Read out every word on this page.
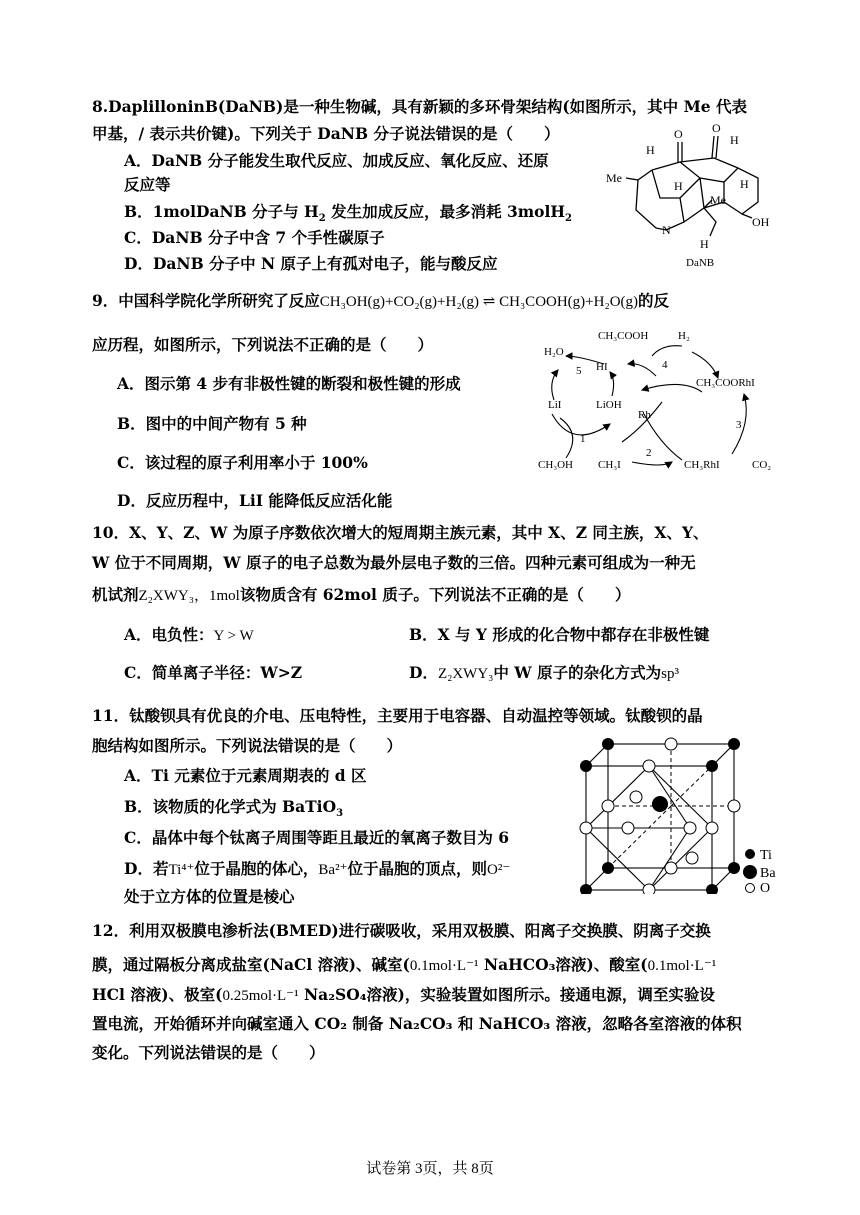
8.DaplilloninB(DaNB)是一种生物碱，具有新颖的多环骨架结构(如图所示，其中 Me 代表
甲基，/ 表示共价键)。下列关于 DaNB 分子说法错误的是（　　）
A．DaNB 分子能发生取代反应、加成反应、氧化反应、还原
反应等
B．1molDaNB 分子与 $H_2$ 发生加成反应，最多消耗 3molH$_2$
C．DaNB 分子中含 7 个手性碳原子
D．DaNB 分子中 N 原子上有孤对电子，能与酸反应
O O
H
H
H
H
H
Me
Me
N
OH
DaNB
9．中国科学院化学所研究了反应CH₃OH(g)+CO₂(g)+H₂(g) ⇌ CH₃COOH(g)+H₂O(g)的反
应历程，如图所示，下列说法不正确的是（　　）
A．图示第 4 步有非极性键的断裂和极性键的形成
B．图中的中间产物有 5 种
C．该过程的原子利用率小于 100%
D．反应历程中，LiI 能降低反应活化能
CH₃COOH	H₂
H₂O
HI
LiI	LiOH
Rh
CH₃COORhI
CH₃OH CH₃I	CH₃RhI	CO₂
1
2
3
4
5
10．X、Y、Z、W 为原子序数依次增大的短周期主族元素，其中 X、Z 同主族，X、Y、
W 位于不同周期，W 原子的电子总数为最外层电子数的三倍。四种元素可组成为一种无
机试剂Z₂XWY₃，1mol该物质含有 62mol 质子。下列说法不正确的是（　　）
A．电负性：Y > W	B．X 与 Y 形成的化合物中都存在非极性键
C．简单离子半径：W>Z	D．Z₂XWY₃中 W 原子的杂化方式为sp³
11．钛酸钡具有优良的介电、压电特性，主要用于电容器、自动温控等领域。钛酸钡的晶
胞结构如图所示。下列说法错误的是（　　）
A．Ti 元素位于元素周期表的 d 区
B．该物质的化学式为 BaTiO$_3$
C．晶体中每个钛离子周围等距且最近的氧离子数目为 6
D．若Ti⁴⁺位于晶胞的体心，Ba²⁺位于晶胞的顶点，则O²⁻
处于立方体的位置是棱心
Ti
Ba
O
12．利用双极膜电渗析法(BMED)进行碳吸收，采用双极膜、阳离子交换膜、阴离子交换
膜，通过隔板分离成盐室(NaCl 溶液)、碱室(0.1mol·L⁻¹ NaHCO₃溶液)、酸室(0.1mol·L⁻¹
HCl 溶液)、极室(0.25mol·L⁻¹ Na₂SO₄溶液)，实验装置如图所示。接通电源，调至实验设
置电流，开始循环并向碱室通入 CO₂ 制备 Na₂CO₃ 和 NaHCO₃ 溶液，忽略各室溶液的体积
变化。下列说法错误的是（　　）
试卷第 3页，共 8页
